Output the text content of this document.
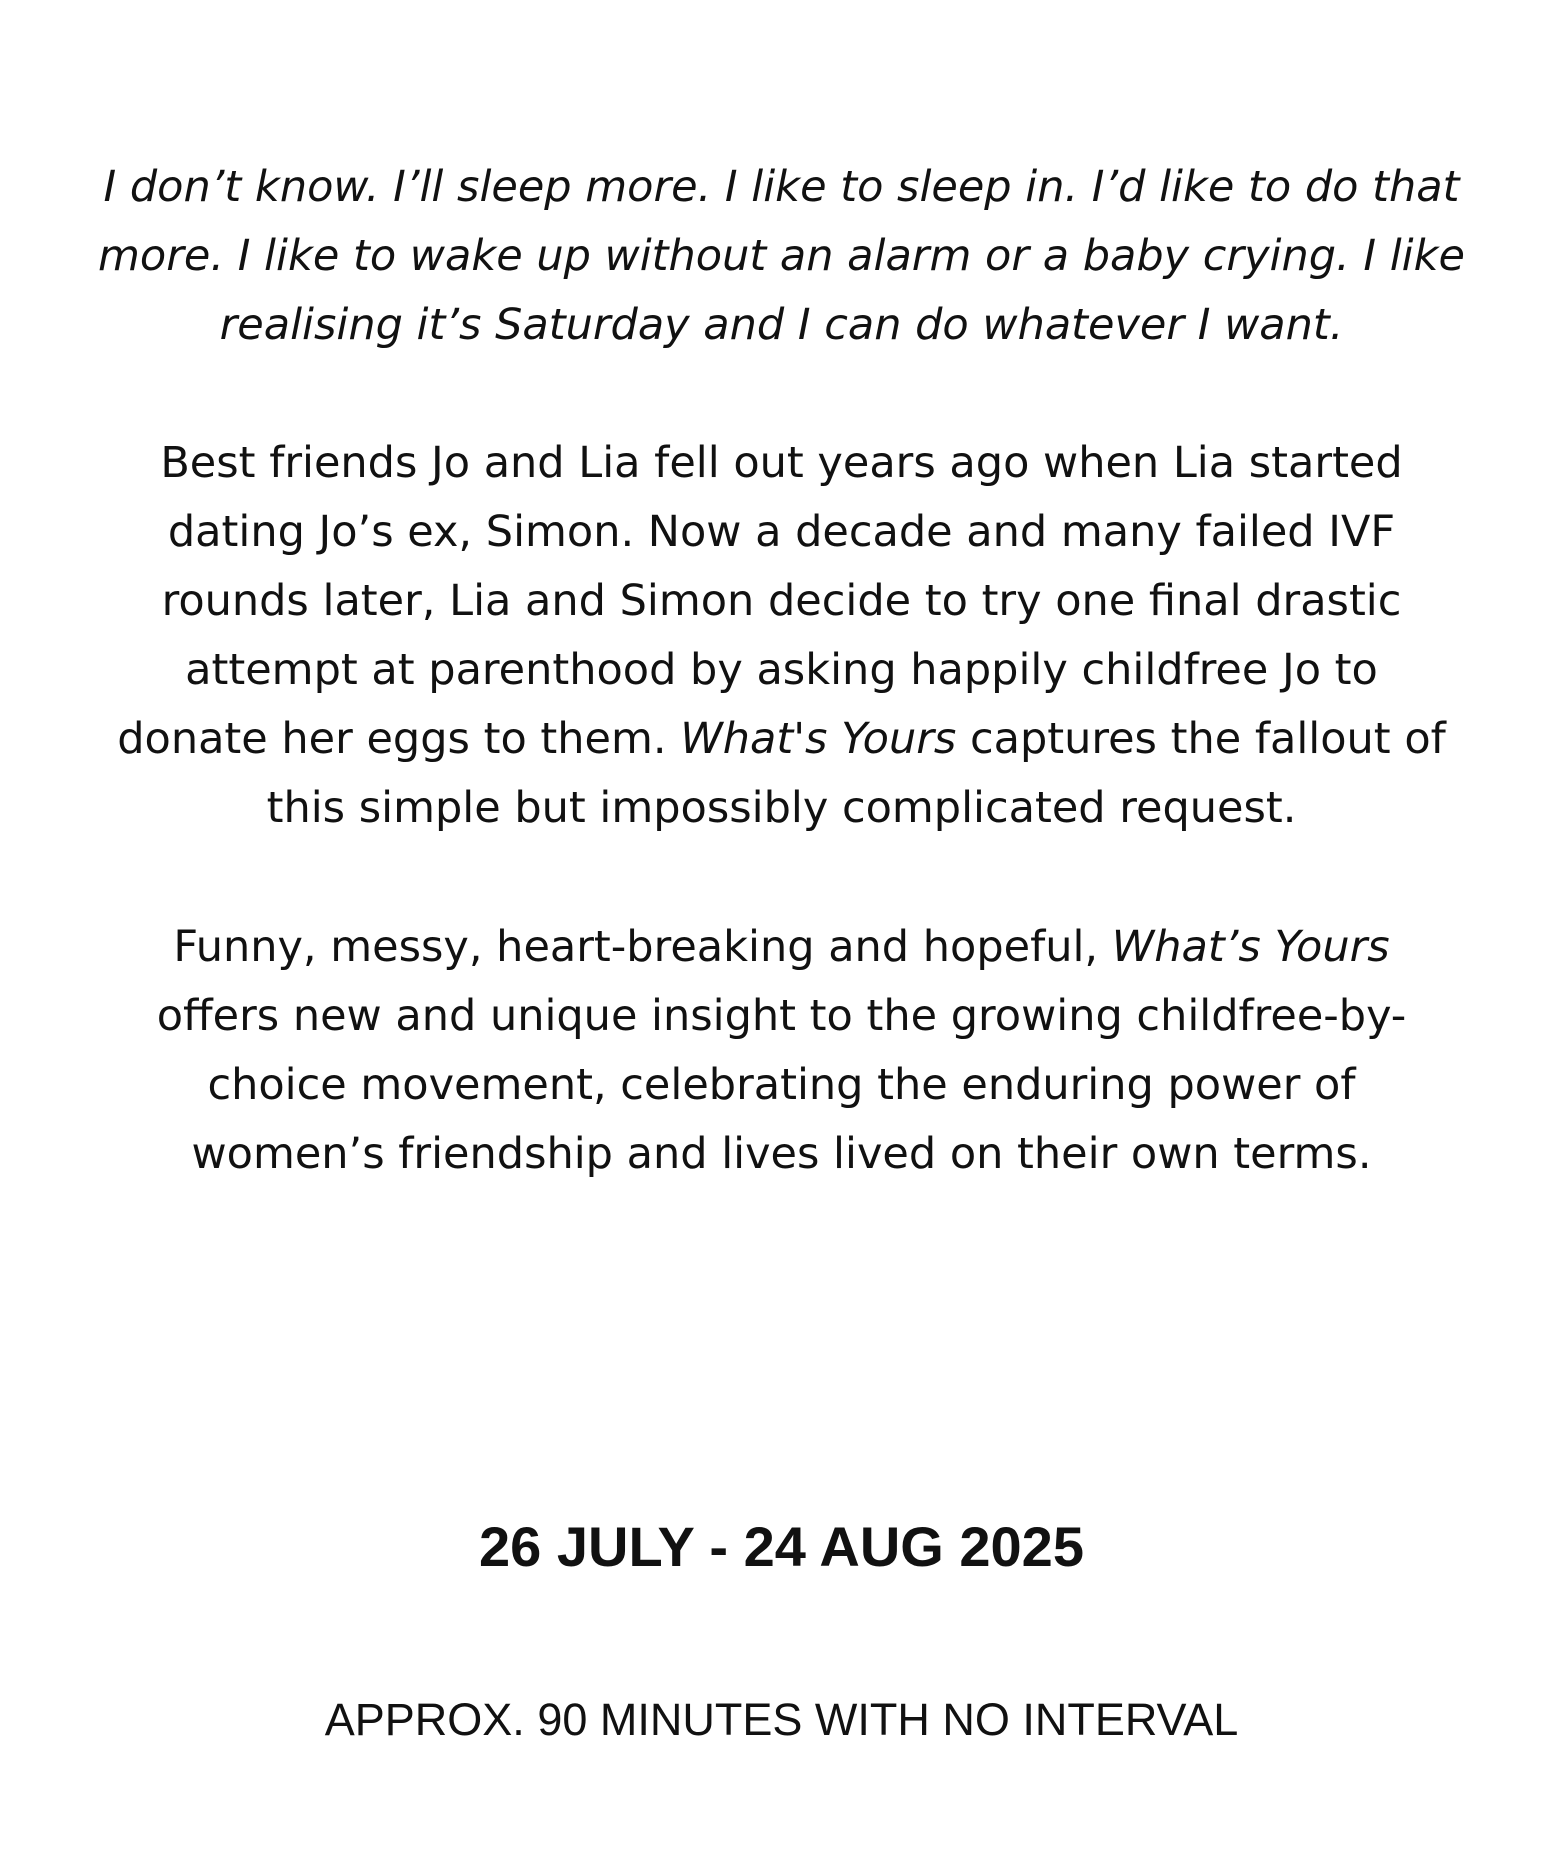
I don’t know. I’ll sleep more. I like to sleep in. I’d like to do that
more. I like to wake up without an alarm or a baby crying. I like
realising it’s Saturday and I can do whatever I want.

Best friends Jo and Lia fell out years ago when Lia started
dating Jo’s ex, Simon. Now a decade and many failed IVF
rounds later, Lia and Simon decide to try one final drastic
attempt at parenthood by asking happily childfree Jo to
donate her eggs to them. What's Yours captures the fallout of
this simple but impossibly complicated request.

Funny, messy, heart-breaking and hopeful, What’s Yours
offers new and unique insight to the growing childfree-by-
choice movement, celebrating the enduring power of
women’s friendship and lives lived on their own terms.

26 JULY - 24 AUG 2025

APPROX. 90 MINUTES WITH NO INTERVAL
